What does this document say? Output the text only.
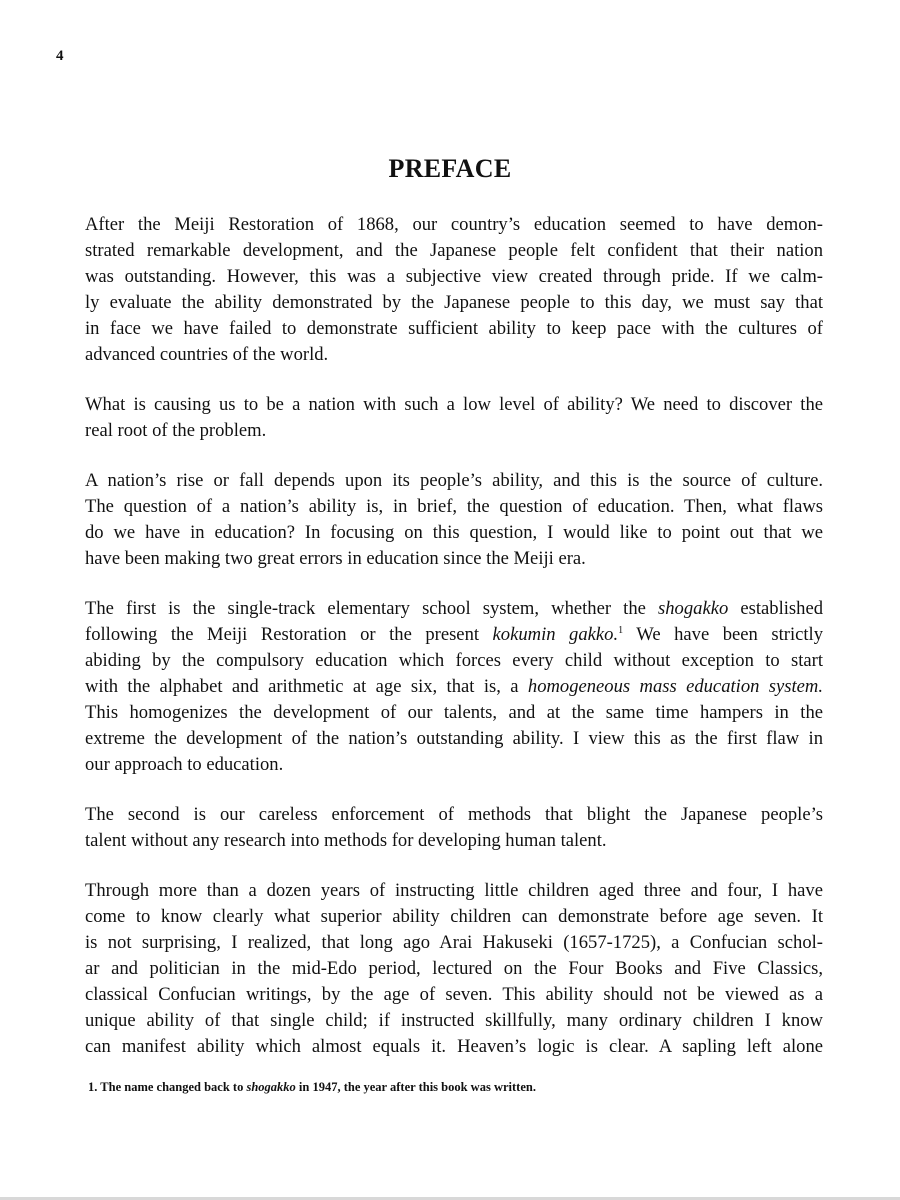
4
PREFACE
After the Meiji Restoration of 1868, our country’s education seemed to have demon-
strated remarkable development, and the Japanese people felt confident that their nation
was outstanding. However, this was a subjective view created through pride. If we calm-
ly evaluate the ability demonstrated by the Japanese people to this day, we must say that
in face we have failed to demonstrate sufficient ability to keep pace with the cultures of
advanced countries of the world.
What is causing us to be a nation with such a low level of ability? We need to discover the
real root of the problem.
A nation’s rise or fall depends upon its people’s ability, and this is the source of culture.
The question of a nation’s ability is, in brief, the question of education. Then, what flaws
do we have in education? In focusing on this question, I would like to point out that we
have been making two great errors in education since the Meiji era.
The first is the single-track elementary school system, whether the shogakko established
following the Meiji Restoration or the present kokumin gakko.$^1$ We have been strictly
abiding by the compulsory education which forces every child without exception to start
with the alphabet and arithmetic at age six, that is, a homogeneous mass education system.
This homogenizes the development of our talents, and at the same time hampers in the
extreme the development of the nation’s outstanding ability. I view this as the first flaw in
our approach to education.
The second is our careless enforcement of methods that blight the Japanese people’s
talent without any research into methods for developing human talent.
Through more than a dozen years of instructing little children aged three and four, I have
come to know clearly what superior ability children can demonstrate before age seven. It
is not surprising, I realized, that long ago Arai Hakuseki (1657-1725), a Confucian schol-
ar and politician in the mid-Edo period, lectured on the Four Books and Five Classics,
classical Confucian writings, by the age of seven. This ability should not be viewed as a
unique ability of that single child; if instructed skillfully, many ordinary children I know
can manifest ability which almost equals it. Heaven’s logic is clear. A sapling left alone
1. The name changed back to shogakko in 1947, the year after this book was written.
